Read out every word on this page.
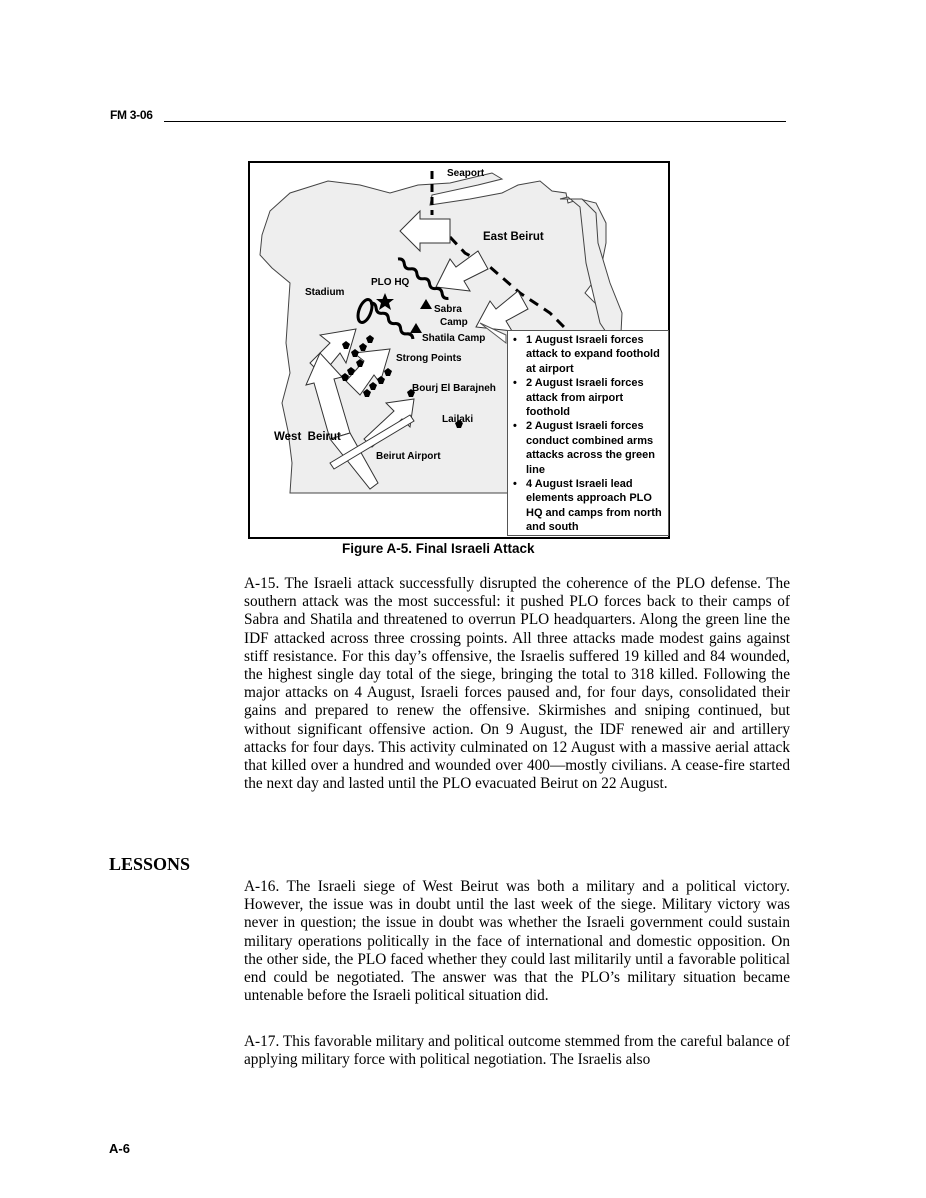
FM 3-06
Seaport
East Beirut
PLO HQ
Stadium
Sabra
Camp
Shatila Camp
Strong Points
Bourj El Barajneh
Lailaki
West  Beirut
Beirut Airport
• 1 August Israeli forces attack to expand foothold at airport
• 2 August Israeli forces attack from airport foothold
• 2 August Israeli forces conduct combined arms attacks across the green line
• 4 August Israeli lead elements approach PLO HQ and camps from north and south
Figure A-5. Final Israeli Attack
A-15. The Israeli attack successfully disrupted the coherence of the PLO defense. The southern attack was the most successful: it pushed PLO forces back to their camps of Sabra and Shatila and threatened to overrun PLO headquarters. Along the green line the IDF attacked across three crossing points. All three attacks made modest gains against stiff resistance. For this day’s offensive, the Israelis suffered 19 killed and 84 wounded, the highest single day total of the siege, bringing the total to 318 killed. Following the major attacks on 4 August, Israeli forces paused and, for four days, consolidated their gains and prepared to renew the offensive. Skirmishes and sniping continued, but without significant offensive action. On 9 August, the IDF renewed air and artillery attacks for four days. This activity culminated on 12 August with a massive aerial attack that killed over a hundred and wounded over 400—mostly civilians. A cease-fire started the next day and lasted until the PLO evacuated Beirut on 22 August.
LESSONS
A-16. The Israeli siege of West Beirut was both a military and a political victory. However, the issue was in doubt until the last week of the siege. Military victory was never in question; the issue in doubt was whether the Israeli government could sustain military operations politically in the face of international and domestic opposition. On the other side, the PLO faced whether they could last militarily until a favorable political end could be negotiated. The answer was that the PLO’s military situation became untenable before the Israeli political situation did.
A-17. This favorable military and political outcome stemmed from the careful balance of applying military force with political negotiation. The Israelis also
A-6
